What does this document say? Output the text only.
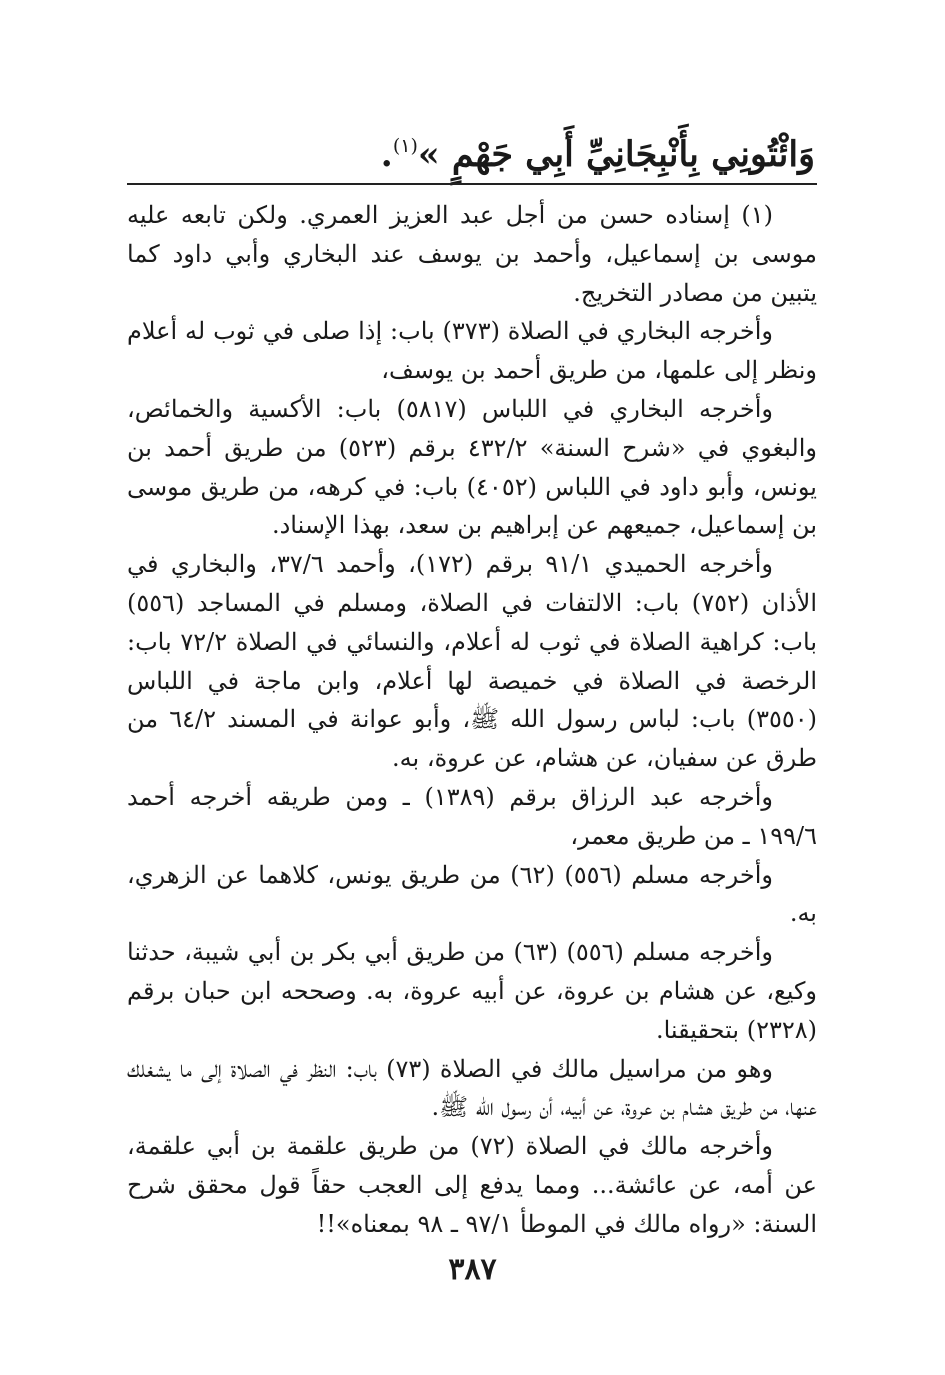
وَائْتُونِي بِأَنْبِجَانِيِّ أَبِي جَهْمٍ »$^{(١)}$.

(١) إسناده حسن من أجل عبد العزيز العمري. ولكن تابعه عليه موسى بن إسماعيل، وأحمد بن يوسف عند البخاري وأبي داود كما يتبين من مصادر التخريج.

وأخرجه البخاري في الصلاة (٣٧٣) باب: إذا صلى في ثوب له أعلام ونظر إلى علمها، من طريق أحمد بن يوسف،

وأخرجه البخاري في اللباس (٥٨١٧) باب: الأكسية والخمائص، والبغوي في «شرح السنة» ٤٣٢/٢ برقم (٥٢٣) من طريق أحمد بن يونس، وأبو داود في اللباس (٤٠٥٢) باب: في كرهه، من طريق موسى بن إسماعيل، جميعهم عن إبراهيم بن سعد، بهذا الإسناد.

وأخرجه الحميدي ٩١/١ برقم (١٧٢)، وأحمد ٣٧/٦، والبخاري في الأذان (٧٥٢) باب: الالتفات في الصلاة، ومسلم في المساجد (٥٥٦) باب: كراهية الصلاة في ثوب له أعلام، والنسائي في الصلاة ٧٢/٢ باب: الرخصة في الصلاة في خميصة لها أعلام، وابن ماجة في اللباس (٣٥٥٠) باب: لباس رسول الله ﷺ، وأبو عوانة في المسند ٦٤/٢ من طرق عن سفيان، عن هشام، عن عروة، به.

وأخرجه عبد الرزاق برقم (١٣٨٩) ـ ومن طريقه أخرجه أحمد ١٩٩/٦ ـ من طريق معمر،

وأخرجه مسلم (٥٥٦) (٦٢) من طريق يونس، كلاهما عن الزهري، به.

وأخرجه مسلم (٥٥٦) (٦٣) من طريق أبي بكر بن أبي شيبة، حدثنا وكيع، عن هشام بن عروة، عن أبيه عروة، به. وصححه ابن حبان برقم (٢٣٢٨) بتحقيقنا.

وهو من مراسيل مالك في الصلاة (٧٣) باب: النظر في الصلاة إلى ما يشغلك عنها، من طريق هشام بن عروة، عن أبيه، أن رسول الله ﷺ.

وأخرجه مالك في الصلاة (٧٢) من طريق علقمة بن أبي علقمة، عن أمه، عن عائشة... ومما يدفع إلى العجب حقاً قول محقق شرح السنة: «رواه مالك في الموطأ ٩٧/١ ـ ٩٨ بمعناه»!!

٣٨٧
